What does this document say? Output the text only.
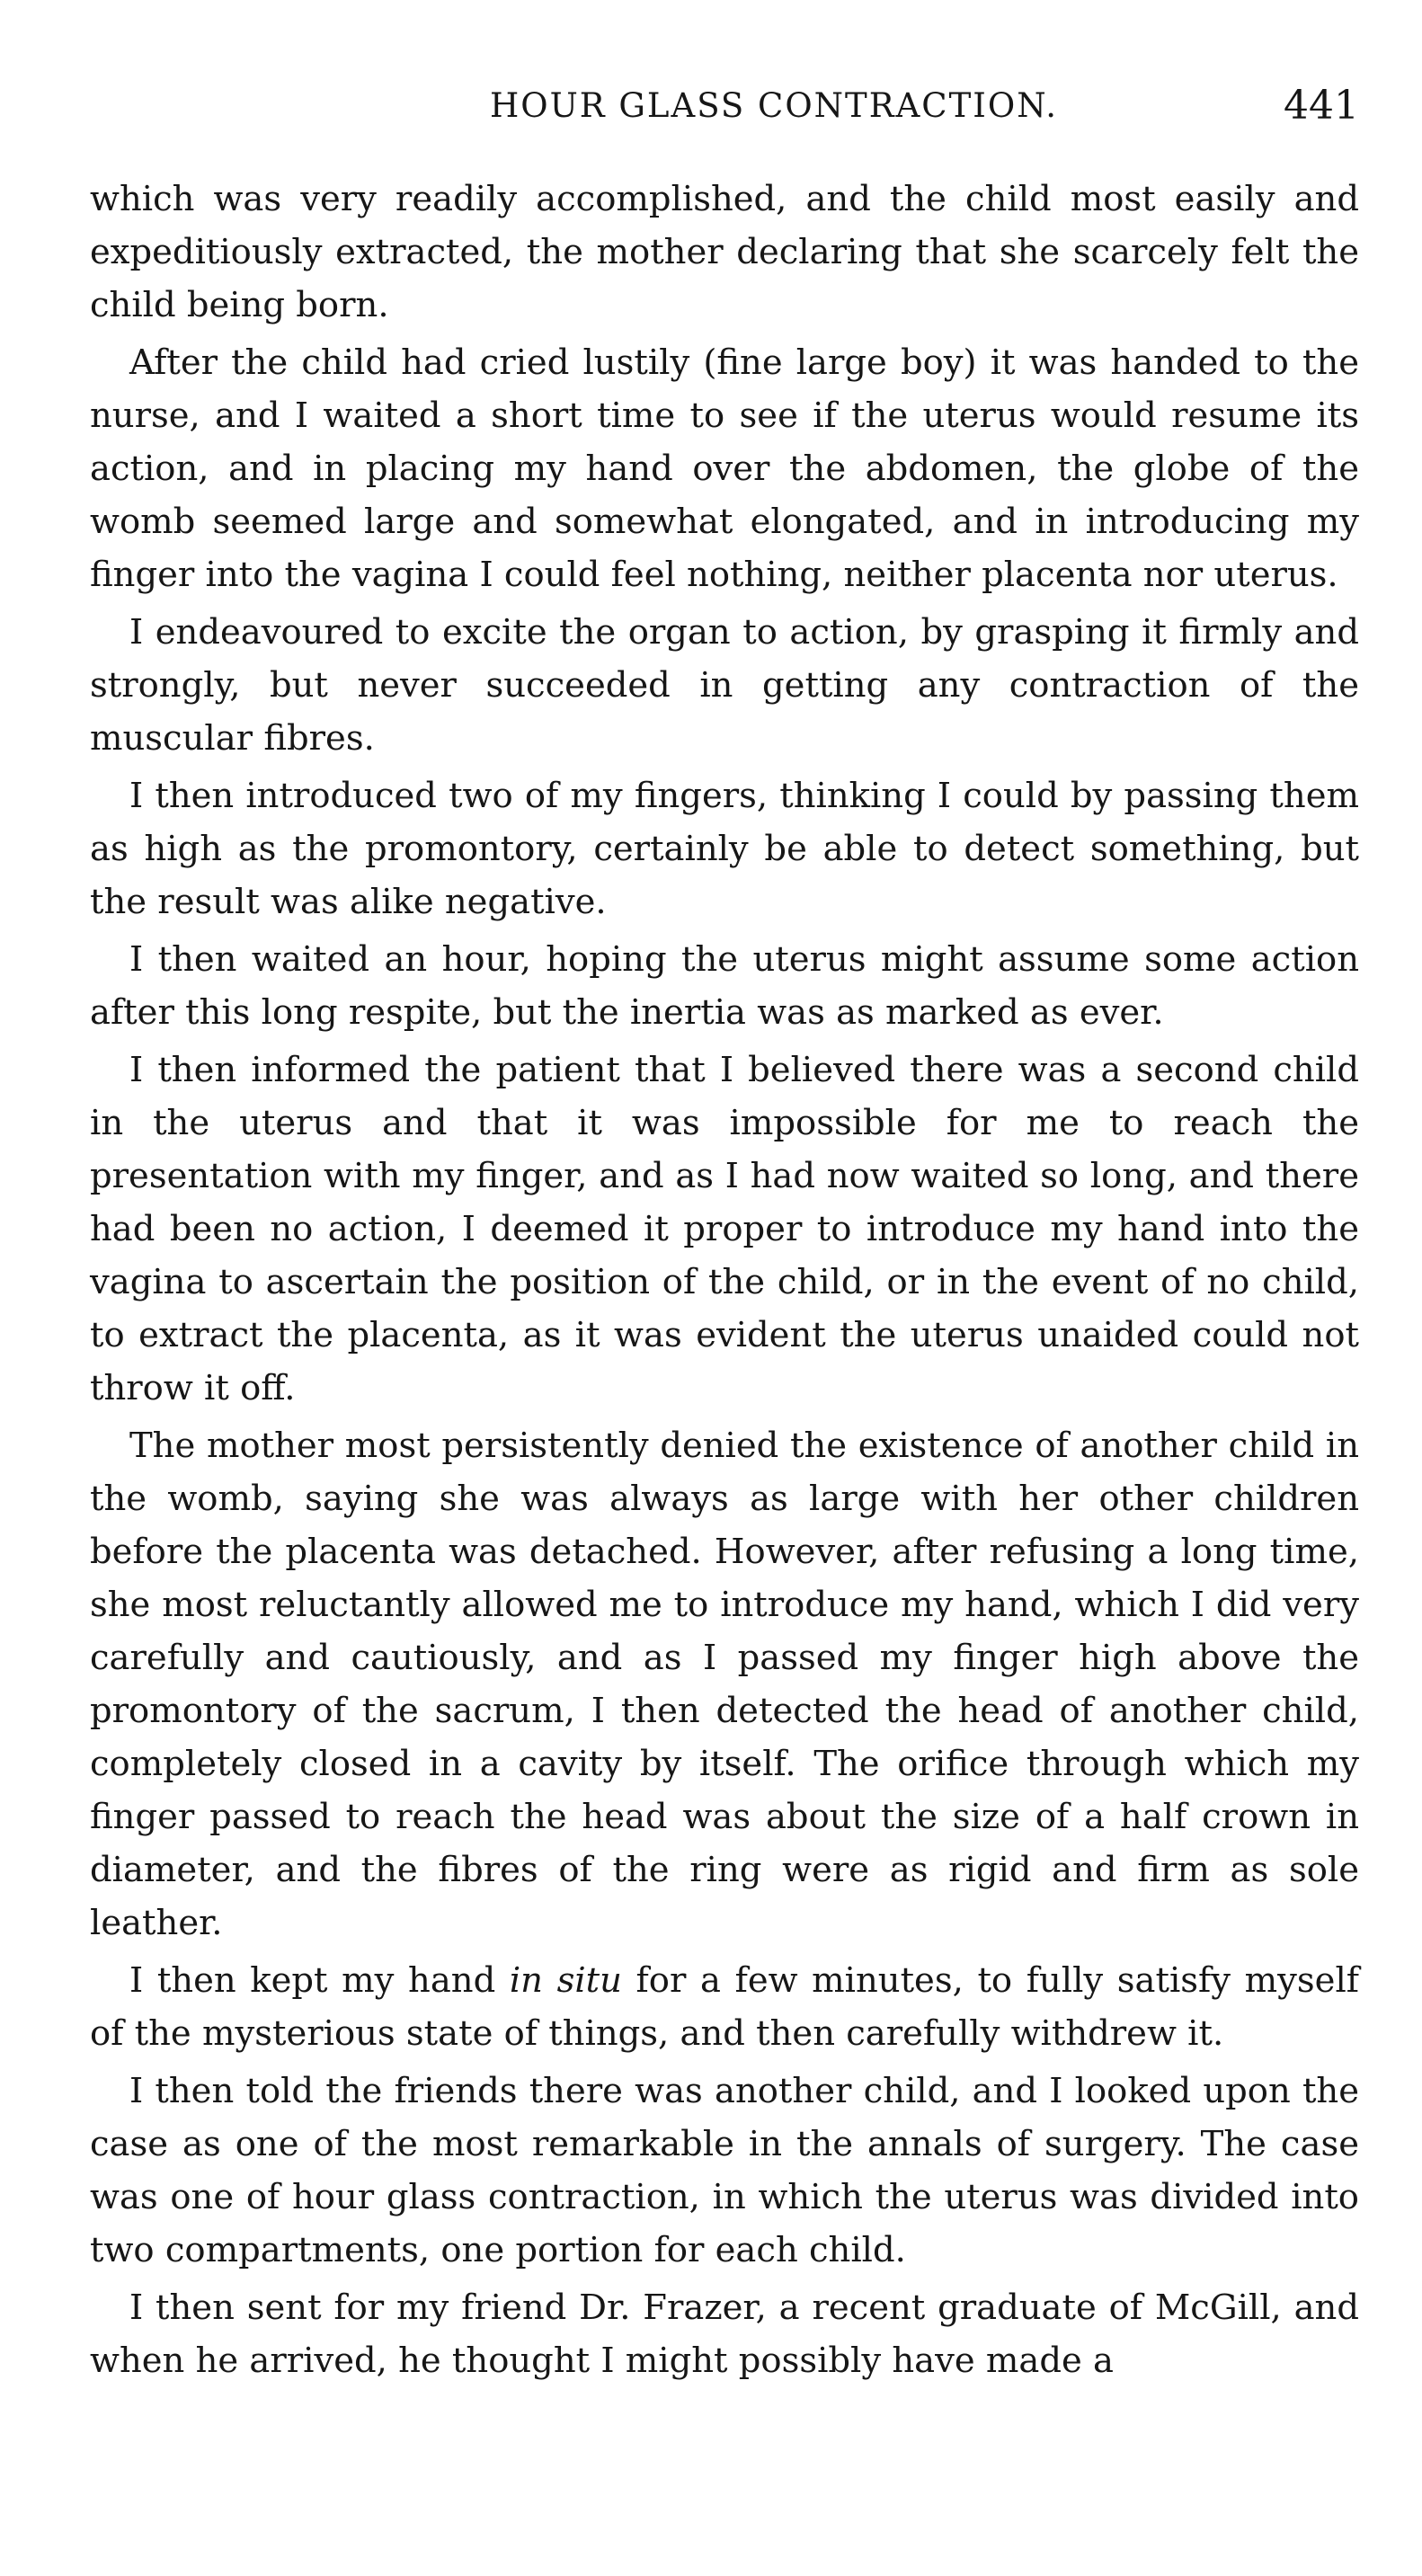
HOUR GLASS CONTRACTION.	441

which was very readily accomplished, and the child most easily and expeditiously extracted, the mother declaring that she scarcely felt the child being born.

After the child had cried lustily (fine large boy) it was handed to the nurse, and I waited a short time to see if the uterus would resume its action, and in placing my hand over the abdomen, the globe of the womb seemed large and somewhat elongated, and in introducing my finger into the vagina I could feel nothing, neither placenta nor uterus.

I endeavoured to excite the organ to action, by grasping it firmly and strongly, but never succeeded in getting any contraction of the muscular fibres.

I then introduced two of my fingers, thinking I could by passing them as high as the promontory, certainly be able to detect something, but the result was alike negative.

I then waited an hour, hoping the uterus might assume some action after this long respite, but the inertia was as marked as ever.

I then informed the patient that I believed there was a second child in the uterus and that it was impossible for me to reach the presentation with my finger, and as I had now waited so long, and there had been no action, I deemed it proper to introduce my hand into the vagina to ascertain the position of the child, or in the event of no child, to extract the placenta, as it was evident the uterus unaided could not throw it off.

The mother most persistently denied the existence of another child in the womb, saying she was always as large with her other children before the placenta was detached. However, after refusing a long time, she most reluctantly allowed me to introduce my hand, which I did very carefully and cautiously, and as I passed my finger high above the promontory of the sacrum, I then detected the head of another child, completely closed in a cavity by itself. The orifice through which my finger passed to reach the head was about the size of a half crown in diameter, and the fibres of the ring were as rigid and firm as sole leather.

I then kept my hand in situ for a few minutes, to fully satisfy myself of the mysterious state of things, and then carefully withdrew it.

I then told the friends there was another child, and I looked upon the case as one of the most remarkable in the annals of surgery. The case was one of hour glass contraction, in which the uterus was divided into two compartments, one portion for each child.

I then sent for my friend Dr. Frazer, a recent graduate of McGill, and when he arrived, he thought I might possibly have made a
